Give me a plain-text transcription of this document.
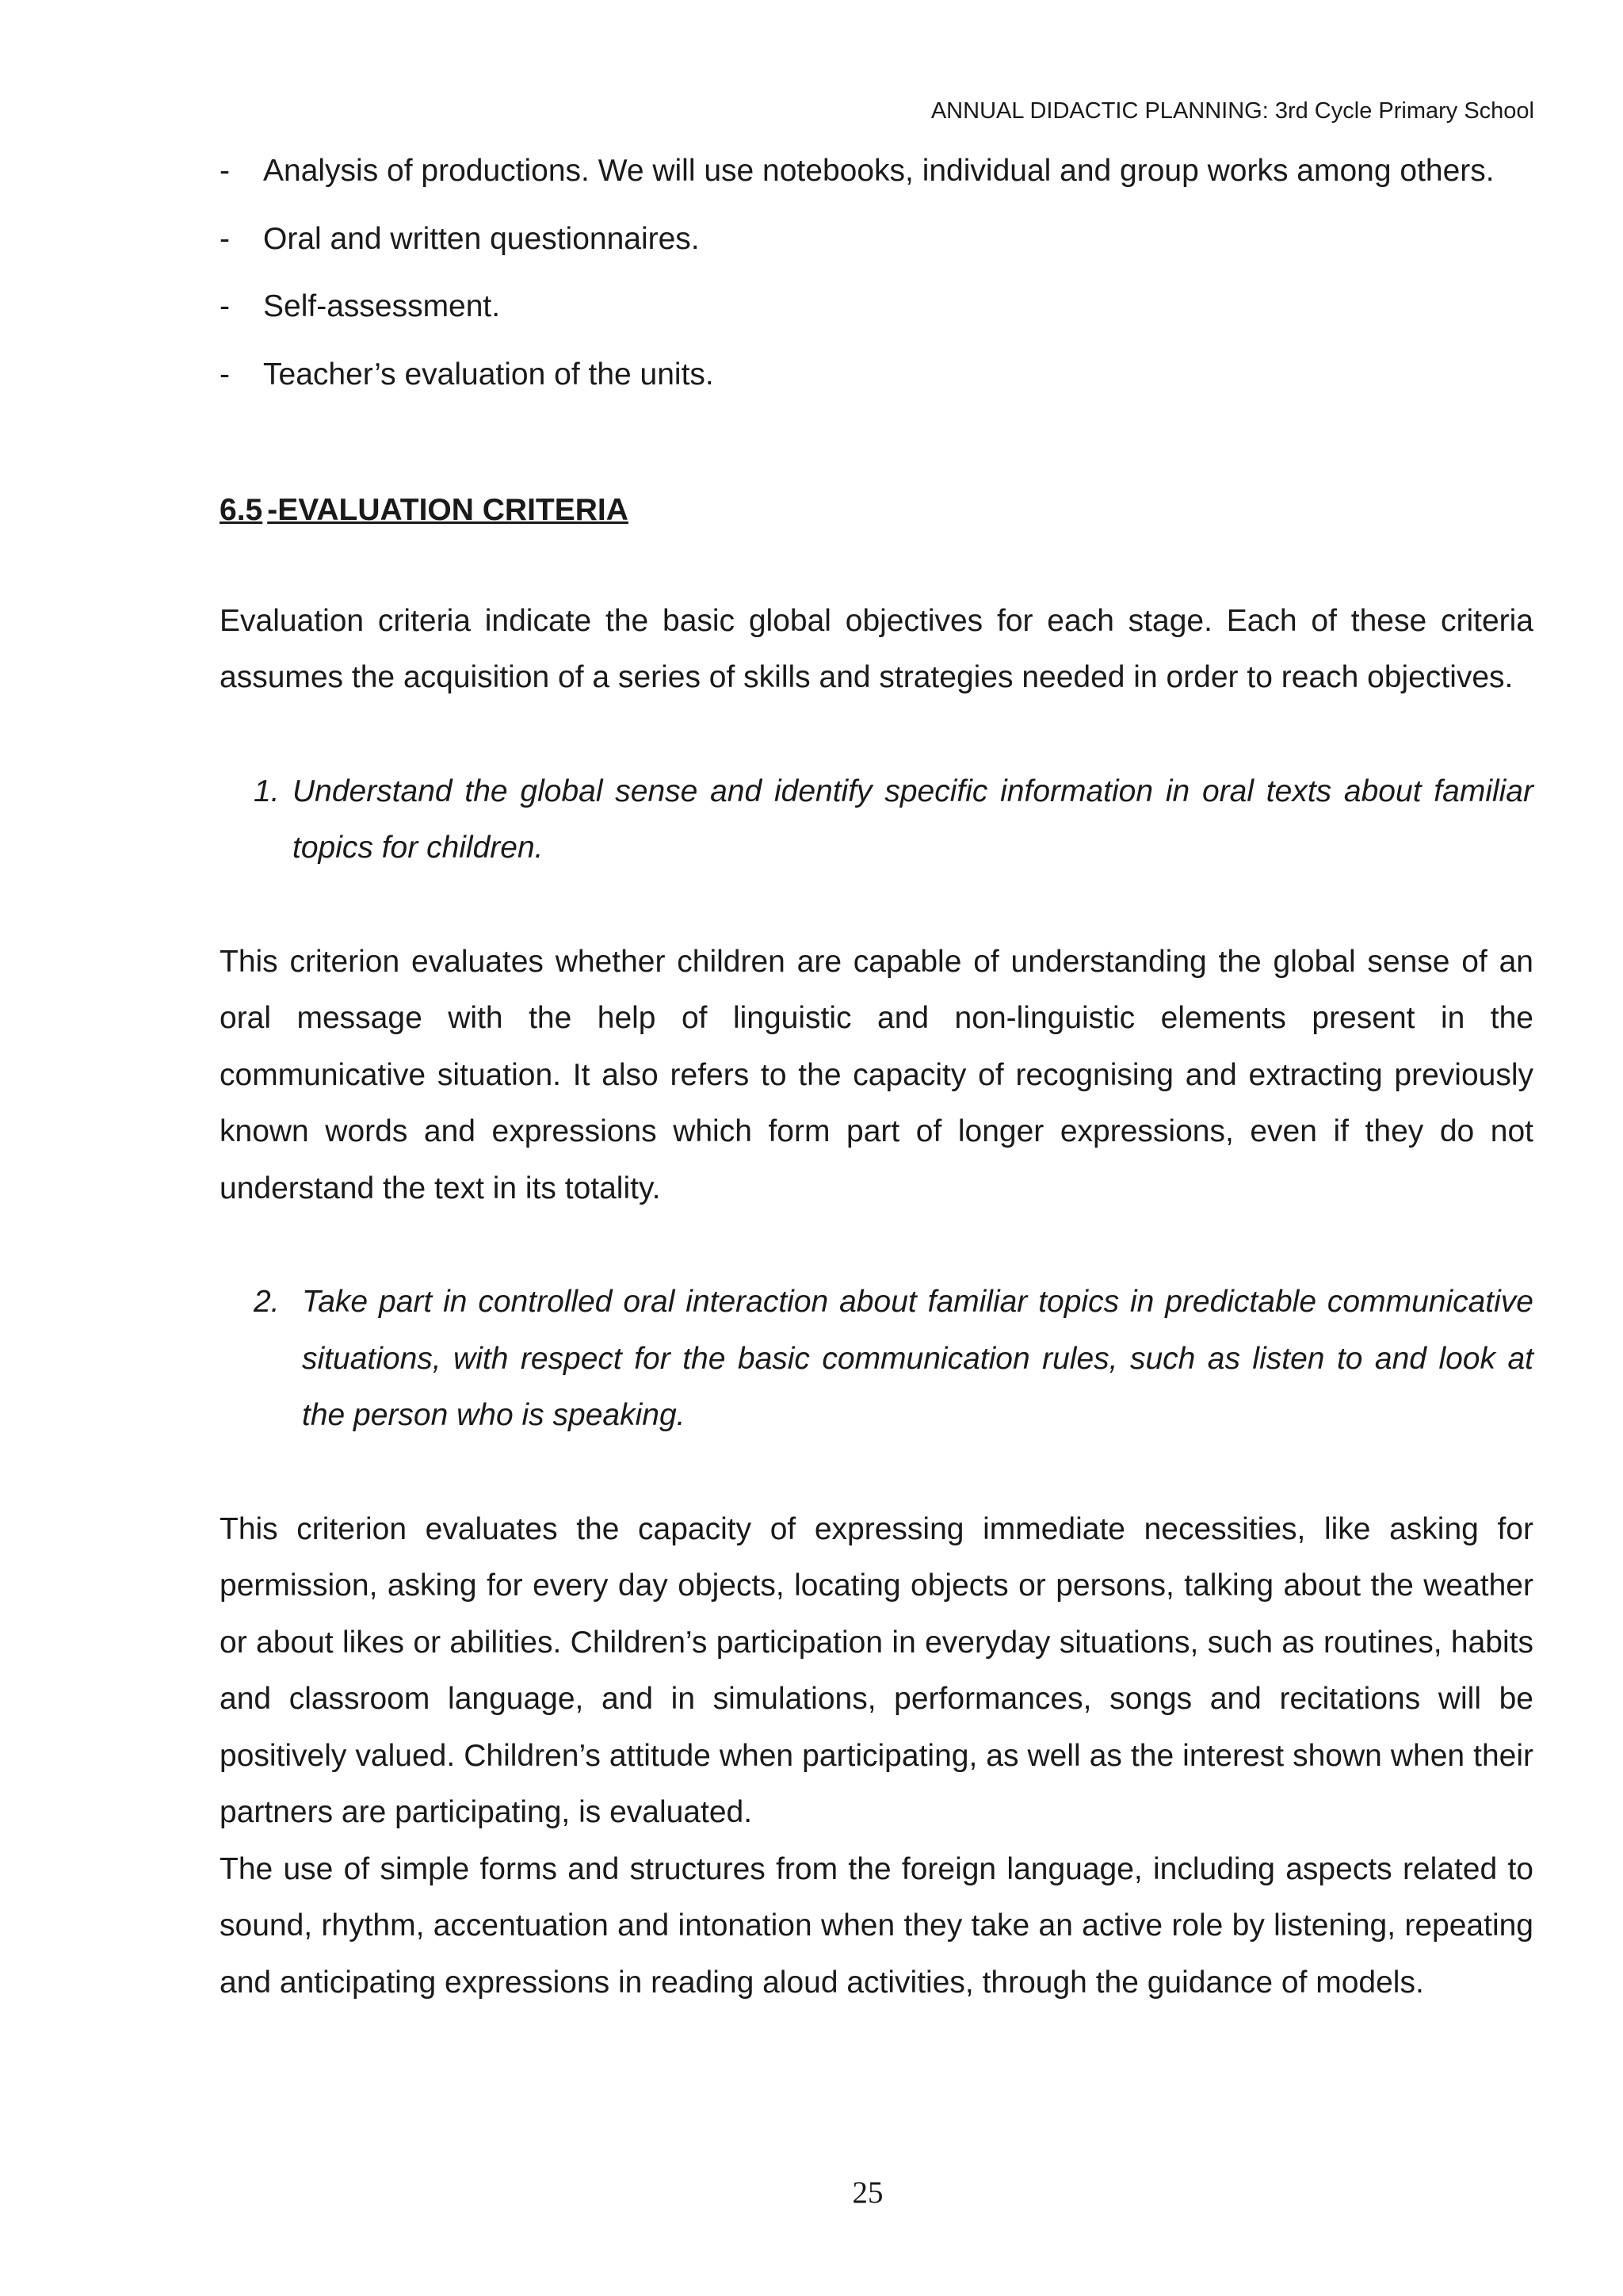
ANNUAL DIDACTIC PLANNING: 3rd Cycle Primary School
- Analysis of productions. We will use notebooks, individual and group works among others.
- Oral and written questionnaires.
- Self-assessment.
- Teacher’s evaluation of the units.
6.5 -EVALUATION CRITERIA

Evaluation criteria indicate the basic global objectives for each stage. Each of these criteria assumes the acquisition of a series of skills and strategies needed in order to reach objectives.

1. Understand the global sense and identify specific information in oral texts about familiar topics for children.

This criterion evaluates whether children are capable of understanding the global sense of an oral message with the help of linguistic and non-linguistic elements present in the communicative situation. It also refers to the capacity of recognising and extracting previously known words and expressions which form part of longer expressions, even if they do not understand the text in its totality.

2. Take part in controlled oral interaction about familiar topics in predictable communicative situations, with respect for the basic communication rules, such as listen to and look at the person who is speaking.

This criterion evaluates the capacity of expressing immediate necessities, like asking for permission, asking for every day objects, locating objects or persons, talking about the weather or about likes or abilities. Children’s participation in everyday situations, such as routines, habits and classroom language, and in simulations, performances, songs and recitations will be positively valued. Children’s attitude when participating, as well as the interest shown when their partners are participating, is evaluated.

The use of simple forms and structures from the foreign language, including aspects related to sound, rhythm, accentuation and intonation when they take an active role by listening, repeating and anticipating expressions in reading aloud activities, through the guidance of models.

25
